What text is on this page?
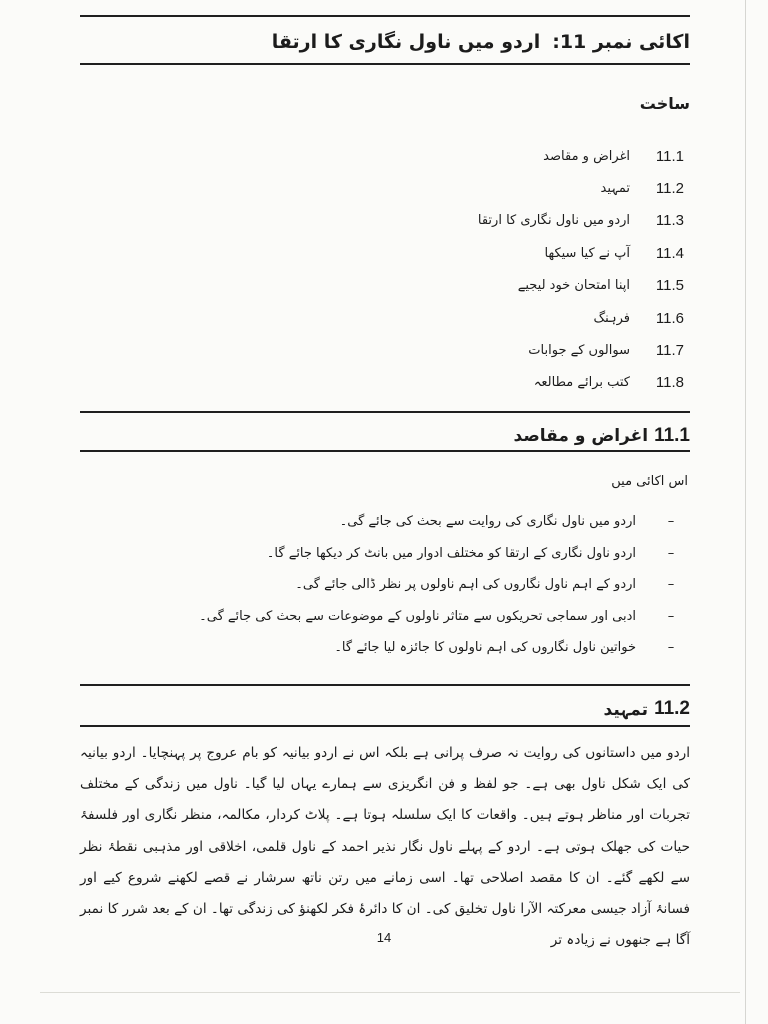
اردو میں ناول نگاری کا ارتقا اکائی نمبر 11:
ساخت
اغراض و مقاصد	11.1
تمہید	11.2
اردو میں ناول نگاری کا ارتقا	11.3
آپ نے کیا سیکھا	11.4
اپنا امتحان خود لیجیے	11.5
فرہنگ	11.6
سوالوں کے جوابات	11.7
کتب برائے مطالعہ	11.8
اغراض و مقاصد 11.1
اس اکائی میں
–
اردو میں ناول نگاری کی روایت سے بحث کی جائے گی۔
–
اردو ناول نگاری کے ارتقا کو مختلف ادوار میں بانٹ کر دیکھا جائے گا۔
–
اردو کے اہم ناول نگاروں کی اہم ناولوں پر نظر ڈالی جائے گی۔
–
ادبی اور سماجی تحریکوں سے متاثر ناولوں کے موضوعات سے بحث کی جائے گی۔
–
خواتین ناول نگاروں کی اہم ناولوں کا جائزہ لیا جائے گا۔
تمہید 11.2

اردو میں داستانوں کی روایت نہ صرف پرانی ہے بلکہ اس نے اردو بیانیہ کو بام عروج پر پہنچایا۔ اردو بیانیہ کی ایک شکل ناول بھی ہے۔ جو لفظ و فن انگریزی سے ہمارے یہاں لیا گیا۔ ناول میں زندگی کے مختلف تجربات اور مناظر ہوتے ہیں۔ واقعات کا ایک سلسلہ ہوتا ہے۔ پلاٹ کردار، مکالمہ، منظر نگاری اور فلسفۂ حیات کی جھلک ہوتی ہے۔ اردو کے پہلے ناول نگار نذیر احمد کے ناول قلمی، اخلاقی اور مذہبی نقطۂ نظر سے لکھے گئے۔ ان کا مقصد اصلاحی تھا۔ اسی زمانے میں رتن ناتھ سرشار نے قصے لکھنے شروع کیے اور فسانۂ آزاد جیسی معرکتہ الآرا ناول تخلیق کی۔ ان کا دائرۂ فکر لکھنؤ کی زندگی تھا۔ ان کے بعد شرر کا نمبر آگا ہے جنھوں نے زیادہ تر

14
